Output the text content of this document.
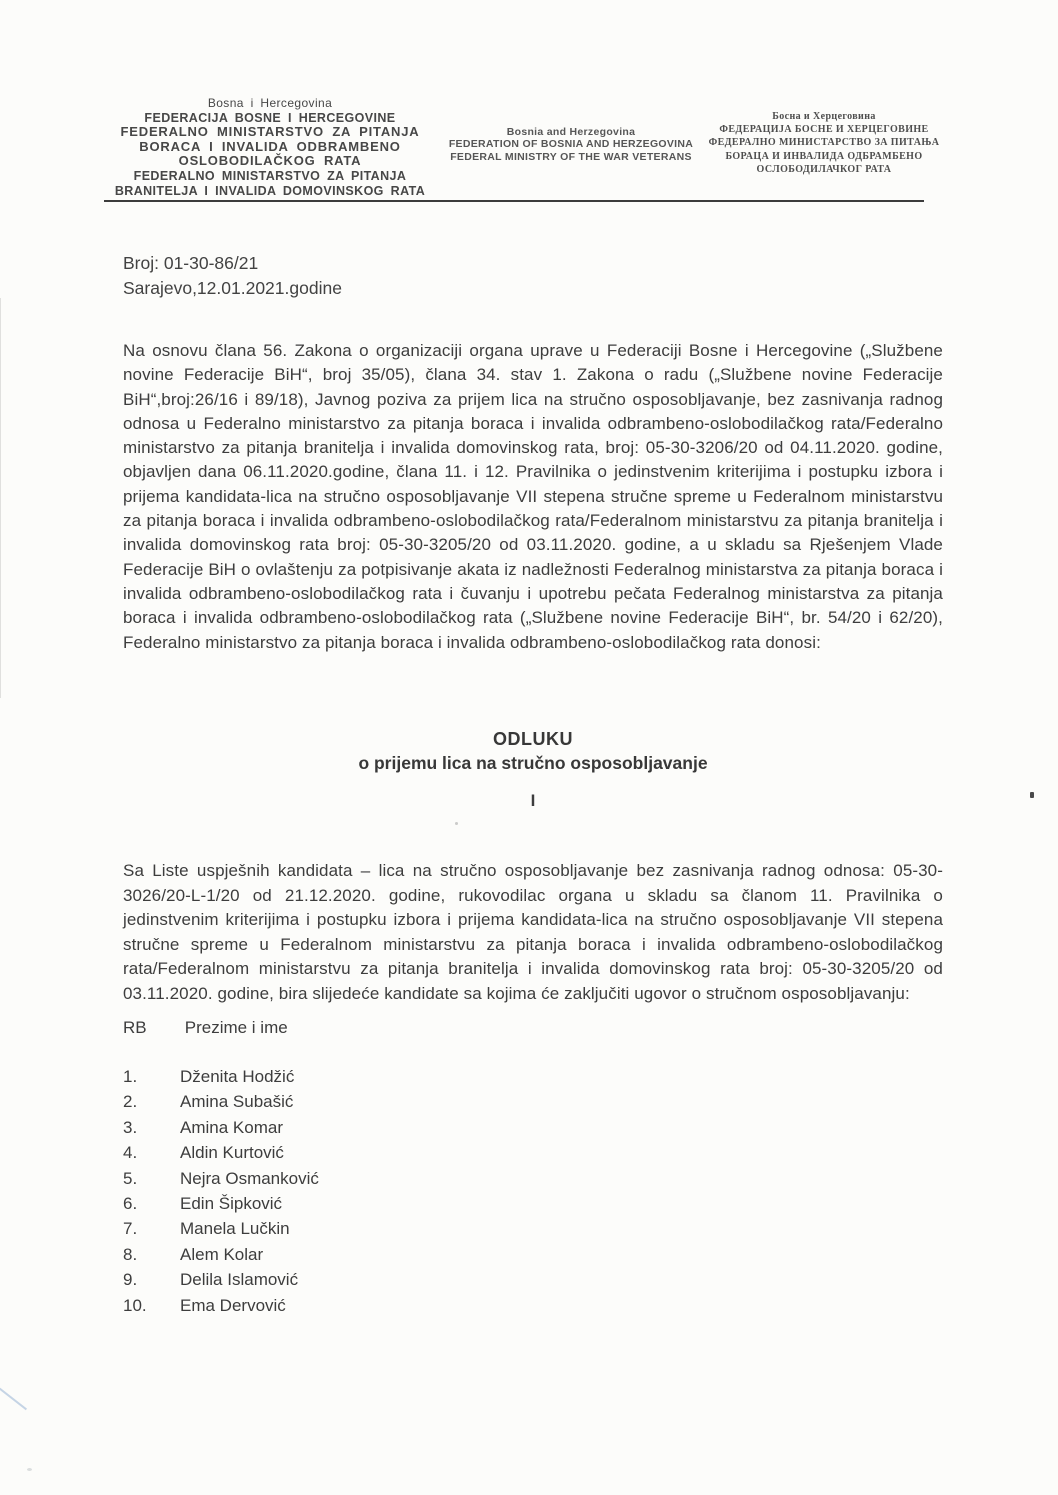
Bosna i Hercegovina
FEDERACIJA BOSNE I HERCEGOVINE
FEDERALNO MINISTARSTVO ZA PITANJA
BORACA I INVALIDA ODBRAMBENO
OSLOBODILAČKOG RATA
FEDERALNO MINISTARSTVO ZA PITANJA
BRANITELJA I INVALIDA DOMOVINSKOG RATA
Bosnia and Herzegovina
FEDERATION OF BOSNIA AND HERZEGOVINA
FEDERAL MINISTRY OF THE WAR VETERANS
Босна и Херцеговина
ФЕДЕРАЦИЈА БОСНЕ И ХЕРЦЕГОВИНЕ
ФЕДЕРАЛНО МИНИСТАРСТВО ЗА ПИТАЊА
БОРАЦА И ИНВАЛИДА ОДБРАМБЕНО
ОСЛОБОДИЛАЧКОГ РАТА
Broj: 01-30-86/21
Sarajevo,12.01.2021.godine

Na osnovu člana 56. Zakona o organizaciji organa uprave u Federaciji Bosne i Hercegovine („Službene novine Federacije BiH“, broj 35/05), člana 34. stav 1. Zakona o radu („Službene novine Federacije BiH“,broj:26/16 i 89/18), Javnog poziva za prijem lica na stručno osposobljavanje, bez zasnivanja radnog odnosa u Federalno ministarstvo za pitanja boraca i invalida odbrambeno-oslobodilačkog rata/Federalno ministarstvo za pitanja branitelja i invalida domovinskog rata, broj: 05-30-3206/20 od 04.11.2020. godine, objavljen dana 06.11.2020.godine, člana 11. i 12. Pravilnika o jedinstvenim kriterijima i postupku izbora i prijema kandidata-lica na stručno osposobljavanje VII stepena stručne spreme u Federalnom ministarstvu za pitanja boraca i invalida odbrambeno-oslobodilačkog rata/Federalnom ministarstvu za pitanja branitelja i invalida domovinskog rata broj: 05-30-3205/20 od 03.11.2020. godine, a u skladu sa Rješenjem Vlade Federacije BiH o ovlaštenju za potpisivanje akata iz nadležnosti Federalnog ministarstva za pitanja boraca i invalida odbrambeno-oslobodilačkog rata i čuvanju i upotrebu pečata Federalnog ministarstva za pitanja boraca i invalida odbrambeno-oslobodilačkog rata („Službene novine Federacije BiH“, br. 54/20 i 62/20), Federalno ministarstvo za pitanja boraca i invalida odbrambeno-oslobodilačkog rata donosi:

ODLUKU
o prijemu lica na stručno osposobljavanje
I

Sa Liste uspješnih kandidata – lica na stručno osposobljavanje bez zasnivanja radnog odnosa: 05-30-3026/20-L-1/20 od 21.12.2020. godine, rukovodilac organa u skladu sa članom 11. Pravilnika o jedinstvenim kriterijima i postupku izbora i prijema kandidata-lica na stručno osposobljavanje VII stepena stručne spreme u Federalnom ministarstvu za pitanja boraca i invalida odbrambeno-oslobodilačkog rata/Federalnom ministarstvu za pitanja branitelja i invalida domovinskog rata broj: 05-30-3205/20 od 03.11.2020. godine, bira slijedeće kandidate sa kojima će zaključiti ugovor o stručnom osposobljavanju:

RB Prezime i ime
1.	Dženita Hodžić
2.	Amina Subašić
3.	Amina Komar
4.	Aldin Kurtović
5.	Nejra Osmanković
6.	Edin Šipković
7.	Manela Lučkin
8.	Alem Kolar
9.	Delila Islamović
10. Ema Dervović
